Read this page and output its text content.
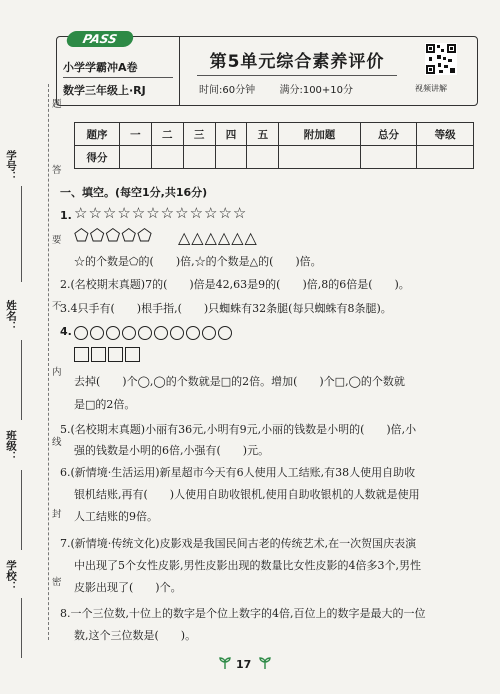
学号：
姓名：
班级：
学校：
题
答
要
不
内
线
封
密
PASS
小学学霸冲A卷
数学三年级上·RJ
第5单元综合素养评价
时间:60分钟 满分:100+10分	视频讲解
题序	一	二	三	四	五	附加题	总分	等级
得分								
一、填空。(每空1分,共16分)
1. ☆☆☆☆☆☆☆☆☆☆☆☆
⬠⬠⬠⬠⬠ △△△△△△
☆的个数是⬠的(　　)倍,☆的个数是△的(　　)倍。
2.(名校期末真题)7的(　　)倍是42,63是9的(　　)倍,8的6倍是(　　)。
3.4只手有(　　)根手指,(　　)只蜘蛛有32条腿(每只蜘蛛有8条腿)。
4.
去掉(　　)个◯,◯的个数就是□的2倍。增加(　　)个□,◯的个数就
是□的2倍。
5.(名校期末真题)小丽有36元,小明有9元,小丽的钱数是小明的(　　)倍,小
强的钱数是小明的6倍,小强有(　　)元。
6.(新情境·生活运用)新星超市今天有6人使用人工结账,有38人使用自助收
银机结账,再有(　　)人使用自助收银机,使用自助收银机的人数就是使用
人工结账的9倍。
7.(新情境·传统文化)皮影戏是我国民间古老的传统艺术,在一次贺国庆表演
中出现了5个女性皮影,男性皮影出现的数量比女性皮影的4倍多3个,男性
皮影出现了(　　)个。
8.一个三位数,十位上的数字是个位上数字的4倍,百位上的数字是最大的一位
数,这个三位数是(　　)。
17
